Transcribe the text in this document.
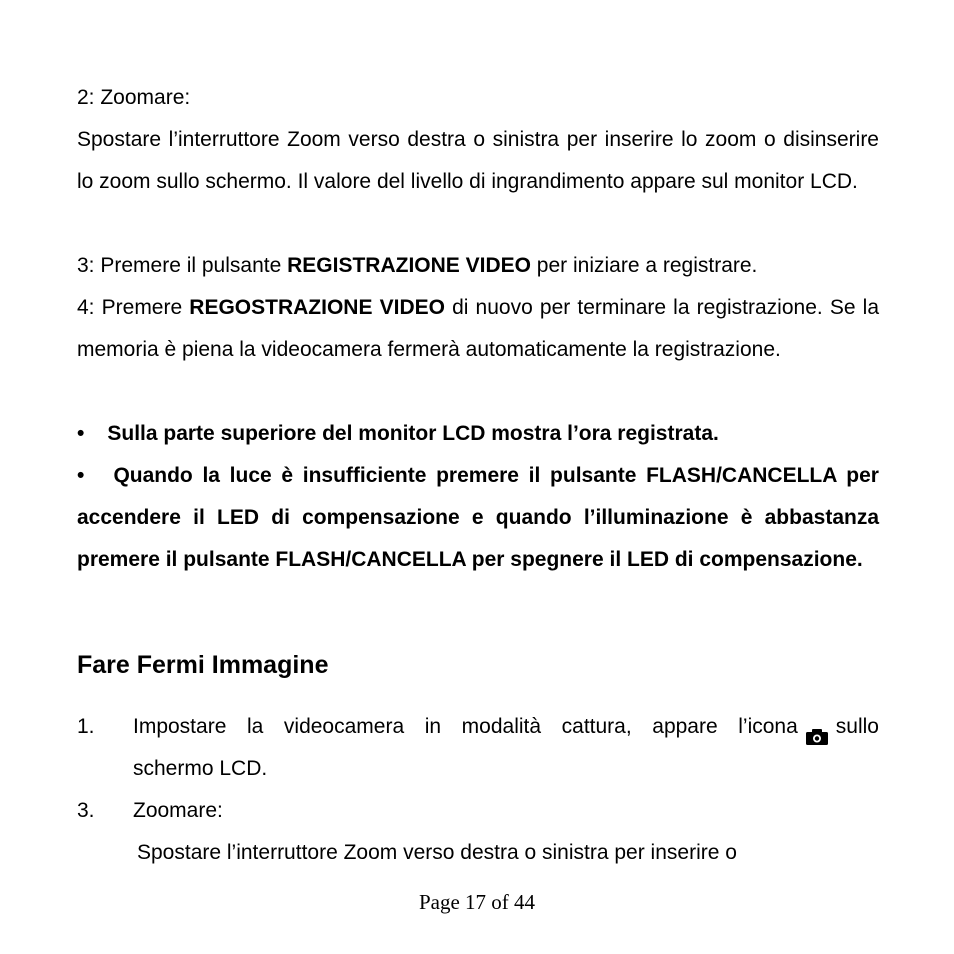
2: Zoomare:

Spostare l’interruttore Zoom verso destra o sinistra per inserire lo zoom o disinserire lo zoom sullo schermo. Il valore del livello di ingrandimento appare sul monitor LCD.

3: Premere il pulsante REGISTRAZIONE VIDEO per iniziare a registrare.

4: Premere REGOSTRAZIONE VIDEO di nuovo per terminare la registrazione. Se la memoria è piena la videocamera fermerà automaticamente la registrazione.

• Sulla parte superiore del monitor LCD mostra l’ora registrata.

• Quando la luce è insufficiente premere il pulsante FLASH/CANCELLA per accendere il LED di compensazione e quando l’illuminazione è abbastanza premere il pulsante FLASH/CANCELLA per spegnere il LED di compensazione.

Fare Fermi Immagine
1. Impostare la videocamera in modalità cattura, appare l’icona sullo

schermo LCD.

3. Zoomare:

Spostare l’interruttore Zoom verso destra o sinistra per inserire o

Page 17 of 44
